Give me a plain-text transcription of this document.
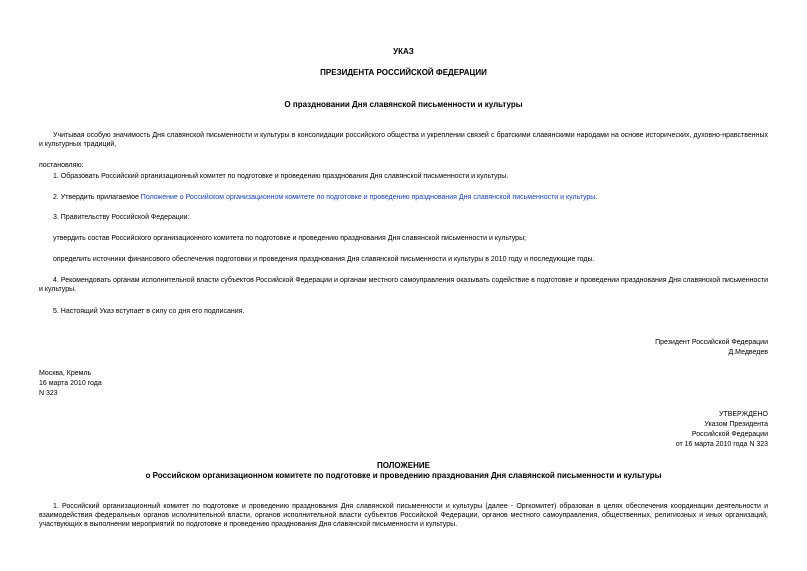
УКАЗ
ПРЕЗИДЕНТА РОССИЙСКОЙ ФЕДЕРАЦИИ
О праздновании Дня славянской письменности и культуры
Учитывая особую значимость Дня славянской письменности и культуры в консолидации российского общества и укреплении связей с братскими славянскими народами на основе исторических, духовно-нравственных и культурных традиций,
постановляю:
1. Образовать Российский организационный комитет по подготовке и проведению празднования Дня славянской письменности и культуры.
2. Утвердить прилагаемое Положение о Российском организационном комитете по подготовке и проведению празднования Дня славянской письменности и культуры.
3. Правительству Российской Федерации:
утвердить состав Российского организационного комитета по подготовке и проведению празднования Дня славянской письменности и культуры;
определить источники финансового обеспечения подготовки и проведения празднования Дня славянской письменности и культуры в 2010 году и последующие годы.
4. Рекомендовать органам исполнительной власти субъектов Российской Федерации и органам местного самоуправления оказывать содействие в подготовке и проведении празднования Дня славянской письменности и культуры.
5. Настоящий Указ вступает в силу со дня его подписания.
Президент Российской Федерации
Д.Медведев
Москва, Кремль
16 марта 2010 года
N 323
УТВЕРЖДЕНО
Указом Президента
Российской Федерации
от 16 марта 2010 года N 323
ПОЛОЖЕНИЕ
о Российском организационном комитете по подготовке и проведению празднования Дня славянской письменности и культуры
1. Российский организационный комитет по подготовке и проведению празднования Дня славянской письменности и культуры (далее - Оргкомитет) образован в целях обеспечения координации деятельности и взаимодействия федеральных органов исполнительной власти, органов исполнительной власти субъектов Российской Федерации, органов местного самоуправления, общественных, религиозных и иных организаций, участвующих в выполнении мероприятий по подготовке и проведению празднования Дня славянской письменности и культуры.
